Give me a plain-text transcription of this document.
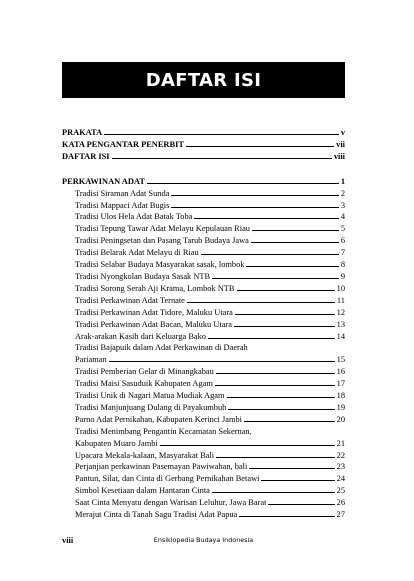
DAFTAR ISI
PRAKATA	v
KATA PENGANTAR PENERBIT	vii
DAFTAR ISI	viii
PERKAWINAN ADAT	1
Tradisi Siraman Adat Sunda	2
Tradisi Mappaci Adat Bugis	3
Tradisi Ulos Hela Adat Batak Toba	4
Tradisi Tepung Tawar Adat Melayu Kepulauan Riau	5
Tradisi Peningsetan dan Pasang Tarub Budaya Jawa	6
Tradisi Belarak Adat Melayu di Riau	7
Tradisi Selabar Budaya Masyarakat sasak, lombok	8
Tradisi Nyongkolan Budaya Sasak NTB	9
Tradisi Sorong Serah Aji Krama, Lombok NTB	10
Tradisi Perkawinan Adat Ternate	11
Tradisi Perkawinan Adat Tidore, Maluku Utara	12
Tradisi Perkawinan Adat Bacan, Maluku Utara	13
Arak-arakan Kasih dari Keluarga Bako	14
Tradisi Bajapuik dalam Adat Perkawinan di Daerah
Pariaman	15
Tradisi Pemberian Gelar di Minangkabau	16
Tradisi Maisi Sasuduik Kabupaten Agam	17
Tradisi Unik di Nagari Matua Mudiak Agam	18
Tradisi Manjunjuang Dulang di Payakumbuh	19
Parno Adat Pernikahan, Kabupaten Kerinci Jambi	20
Tradisi Menimbang Pengantin Kecamatan Sekernan,
Kabupaten Muaro Jambi	21
Upacara Mekala-kalaan, Masyarakat Bali	22
Perjanjian perkawinan Pasemayan Pawiwahan, bali	23
Pantun, Silat, dan Cinta di Gerbang Pernikahan Betawi	24
Simbol Kesetiaan dalam Hantaran Cinta	25
Saat Cinta Menyatu dengan Warisan Leluhur, Jawa Barat	26
Merajut Cinta di Tanah Sagu Tradisi Adat Papua	27
viii	Ensiklopedia Budaya Indonesia
